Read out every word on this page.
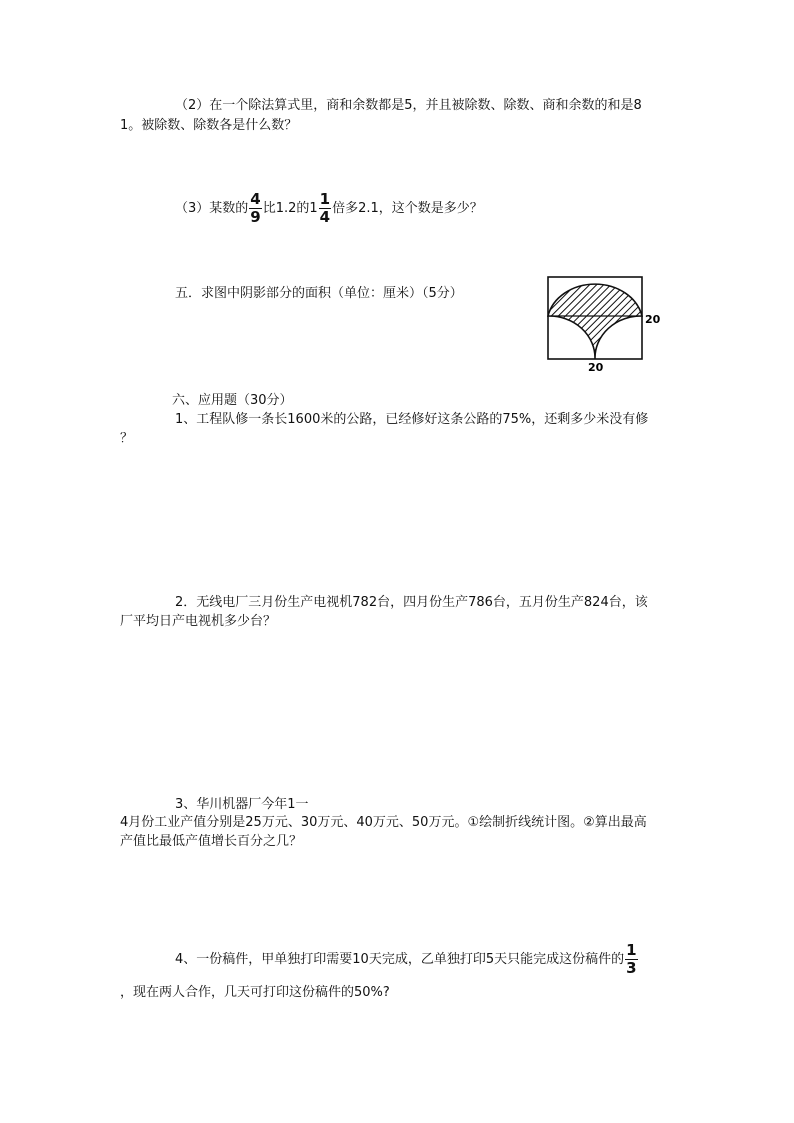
（2）在一个除法算式里，商和余数都是5，并且被除数、除数、商和余数的和是8

1。被除数、除数各是什么数？

（3）某数的 $\frac{4}{9}$ 比1.2的$1 \frac{1}{4}$ 倍多2.1，这个数是多少？

五．求图中阴影部分的面积（单位：厘米）（5分）

20
20

六、应用题（30分）

1、工程队修一条长1600米的公路，已经修好这条公路的75%，还剩多少米没有修

？

2．无线电厂三月份生产电视机782台，四月份生产786台，五月份生产824台，该

厂平均日产电视机多少台？

3、华川机器厂今年1一

4月份工业产值分别是25万元、30万元、40万元、50万元。①绘制折线统计图。②算出最高

产值比最低产值增长百分之几？

4、一份稿件，甲单独打印需要10天完成，乙单独打印5天只能完成这份稿件的 $\frac{1}{3}$

，现在两人合作，几天可打印这份稿件的50%?
